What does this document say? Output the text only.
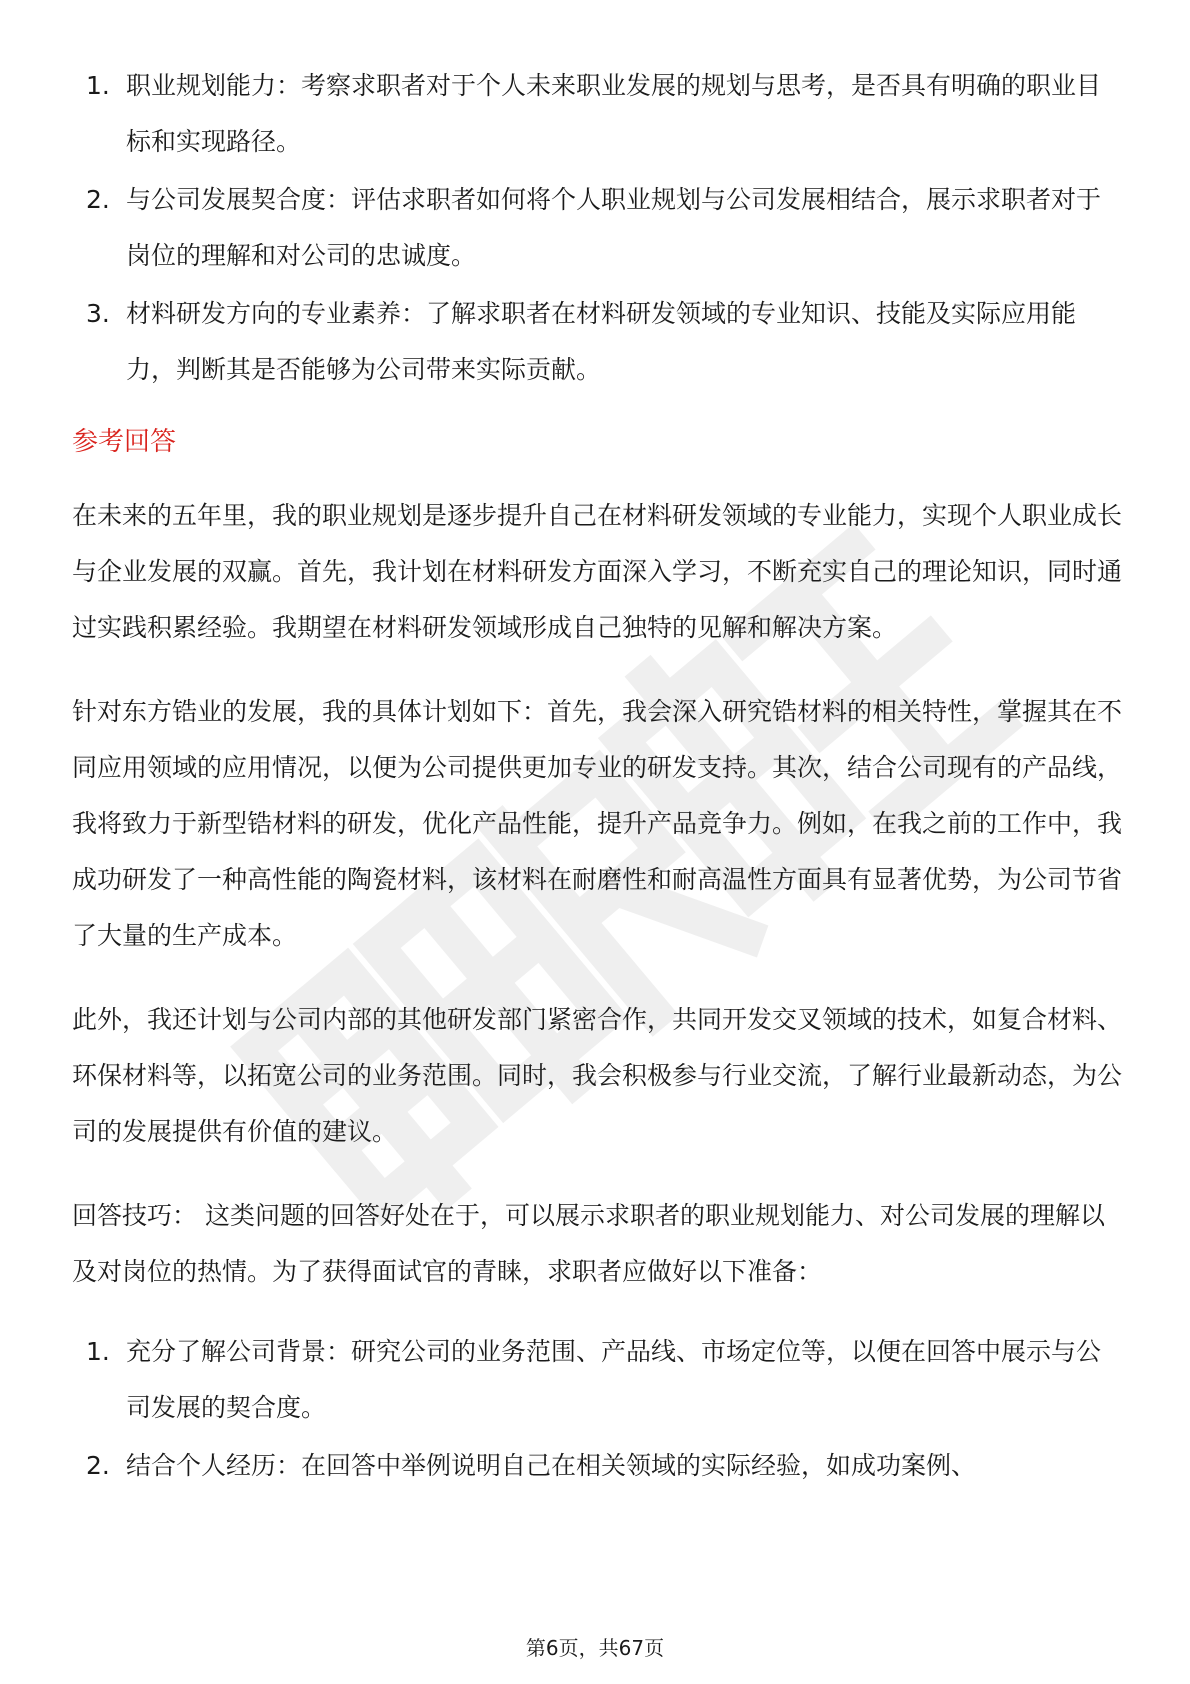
1. 职业规划能力：考察求职者对于个人未来职业发展的规划与思考，是否具有明确的职业目标和实现路径。
2. 与公司发展契合度：评估求职者如何将个人职业规划与公司发展相结合，展示求职者对于岗位的理解和对公司的忠诚度。
3. 材料研发方向的专业素养：了解求职者在材料研发领域的专业知识、技能及实际应用能力，判断其是否能够为公司带来实际贡献。
参考回答

在未来的五年里，我的职业规划是逐步提升自己在材料研发领域的专业能力，实现个人职业成长与企业发展的双赢。首先，我计划在材料研发方面深入学习，不断充实自己的理论知识，同时通过实践积累经验。我期望在材料研发领域形成自己独特的见解和解决方案。

针对东方锆业的发展，我的具体计划如下：首先，我会深入研究锆材料的相关特性，掌握其在不同应用领域的应用情况，以便为公司提供更加专业的研发支持。其次，结合公司现有的产品线，我将致力于新型锆材料的研发，优化产品性能，提升产品竞争力。例如，在我之前的工作中，我成功研发了一种高性能的陶瓷材料，该材料在耐磨性和耐高温性方面具有显著优势，为公司节省了大量的生产成本。

此外，我还计划与公司内部的其他研发部门紧密合作，共同开发交叉领域的技术，如复合材料、环保材料等，以拓宽公司的业务范围。同时，我会积极参与行业交流，了解行业最新动态，为公司的发展提供有价值的建议。

回答技巧： 这类问题的回答好处在于，可以展示求职者的职业规划能力、对公司发展的理解以及对岗位的热情。为了获得面试官的青睐，求职者应做好以下准备：

1. 充分了解公司背景：研究公司的业务范围、产品线、市场定位等，以便在回答中展示与公司发展的契合度。
2. 结合个人经历：在回答中举例说明自己在相关领域的实际经验，如成功案例、
第6页，共67页
